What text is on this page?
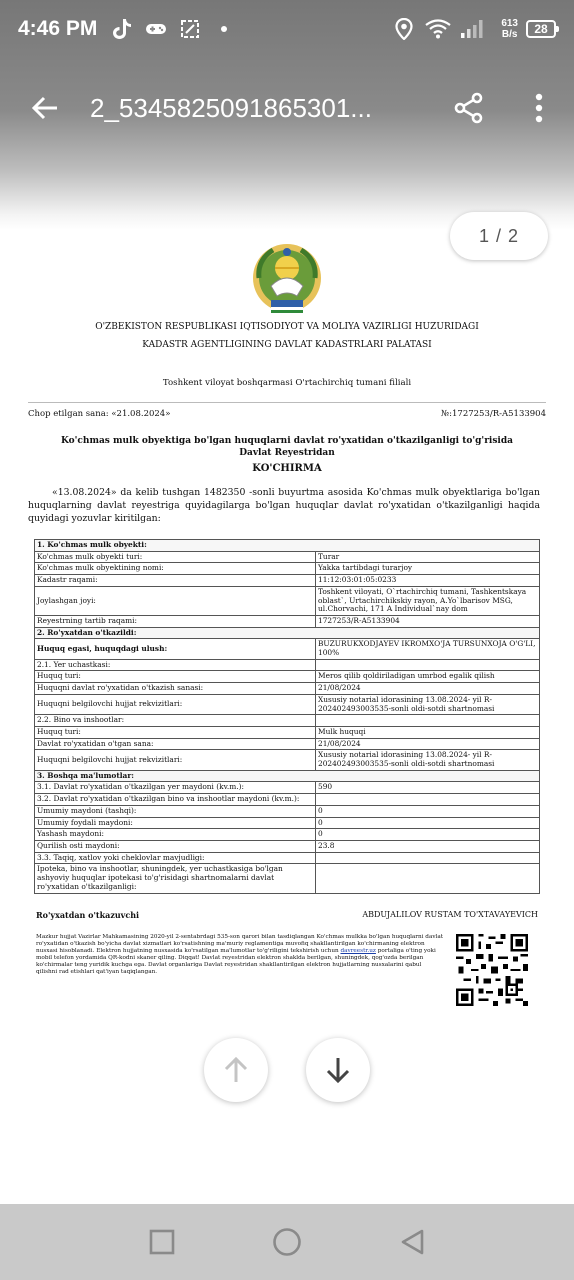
4:46 PM	613
B/s 28
2_5345825091865301...
1 / 2
O'ZBEKISTON RESPUBLIKASI IQTISODIYOT VA MOLIYA VAZIRLIGI HUZURIDAGI
KADASTR AGENTLIGINING DAVLAT KADASTRLARI PALATASI
Toshkent viloyat boshqarmasi O'rtachirchiq tumani filiali
Chop etilgan sana: «21.08.2024»	№:1727253/R-A5133904
Ko'chmas mulk obyektiga bo'lgan huquqlarni davlat ro'yxatidan o'tkazilganligi to'g'risida Davlat Reyestridan
KO'CHIRMA
«13.08.2024» da kelib tushgan 1482350 -sonli buyurtma asosida Ko'chmas mulk obyektlariga bo'lgan huquqlarning davlat reyestriga quyidagilarga bo'lgan huquqlar davlat ro'yxatidan o'tkazilganligi haqida quyidagi yozuvlar kiritilgan:
1. Ko'chmas mulk obyekti:	
Ko'chmas mulk obyekti turi:	Turar
Ko'chmas mulk obyektining nomi:	Yakka tartibdagi turarjoy
Kadastr raqami:	11:12:03:01:05:0233
Joylashgan joyi:	Toshkent viloyati, O`rtachirchiq tumani, Tashkentskaya oblast`, Urtachirchikskiy rayon, A.Yo`lbarisov MSG, ul.Chorvachi, 171 A Individual`nay dom
Reyestrning tartib raqami:	1727253/R-A5133904
2. Ro'yxatdan o'tkazildi:	
Huquq egasi, huquqdagi ulush:	BUZURUKXODJAYEV IKROMXO'JA TURSUNXOJA O'G'LI, 100%
2.1. Yer uchastkasi:	
Huquq turi:	Meros qilib qoldiriladigan umrbod egalik qilish
Huquqni davlat ro'yxatidan o'tkazish sanasi:	21/08/2024
Huquqni belgilovchi hujjat rekvizitlari:	Xususiy notarial idorasining 13.08.2024- yil R-202402493003535-sonli oldi-sotdi shartnomasi
2.2. Bino va inshootlar:	
Huquq turi:	Mulk huquqi
Davlat ro'yxatidan o'tgan sana:	21/08/2024
Huquqni belgilovchi hujjat rekvizitlari:	Xususiy notarial idorasining 13.08.2024- yil R-202402493003535-sonli oldi-sotdi shartnomasi
3. Boshqa ma'lumotlar:	
3.1. Davlat ro'yxatidan o'tkazilgan yer maydoni (kv.m.):	590
3.2. Davlat ro'yxatidan o'tkazilgan bino va inshootlar maydoni (kv.m.):	
Umumiy maydoni (tashqi):	0
Umumiy foydali maydoni:	0
Yashash maydoni:	0
Qurilish osti maydoni:	23.8
3.3. Taqiq, xatlov yoki cheklovlar mavjudligi:	
Ipoteka, bino va inshootlar, shuningdek, yer uchastkasiga bo'lgan ashyoviy huquqlar ipotekasi to'g'risidagi shartnomalarni davlat ro'yxatidan o'tkazilganligi:	
Ro'yxatdan o'tkazuvchi	ABDUJALILOV RUSTAM TO'XTAVAYEVICH
Mazkur hujjat Vazirlar Mahkamasining 2020-yil 2-sentabrdagi 535-son qarori bilan tasdiqlangan Ko'chmas mulkka bo'lgan huquqlarni davlat ro'yxatidan o'tkazish bo'yicha davlat xizmatlari ko'rsatishning ma'muriy reglamentiga muvofiq shakllantirilgan ko'chirmaning elektron nusxasi hisoblanadi. Elektron hujjatning nusxasida ko'rsatilgan ma'lumotlar to'g'riligini tekshirish uchun davreestr.uz portaliga o'ting yoki mobil telefon yordamida QR-kodni skaner qiling. Diqqat! Davlat reyestridan elektron shaklda berilgan, shuningdek, qog'ozda berilgan ko'chirmalar teng yuridik kuchga ega. Davlat organlariga Davlat reyestridan shakllantirilgan elektron hujjatlarning nusxalarini qabul qilishni rad etishlari qat'iyan taqiqlangan.
